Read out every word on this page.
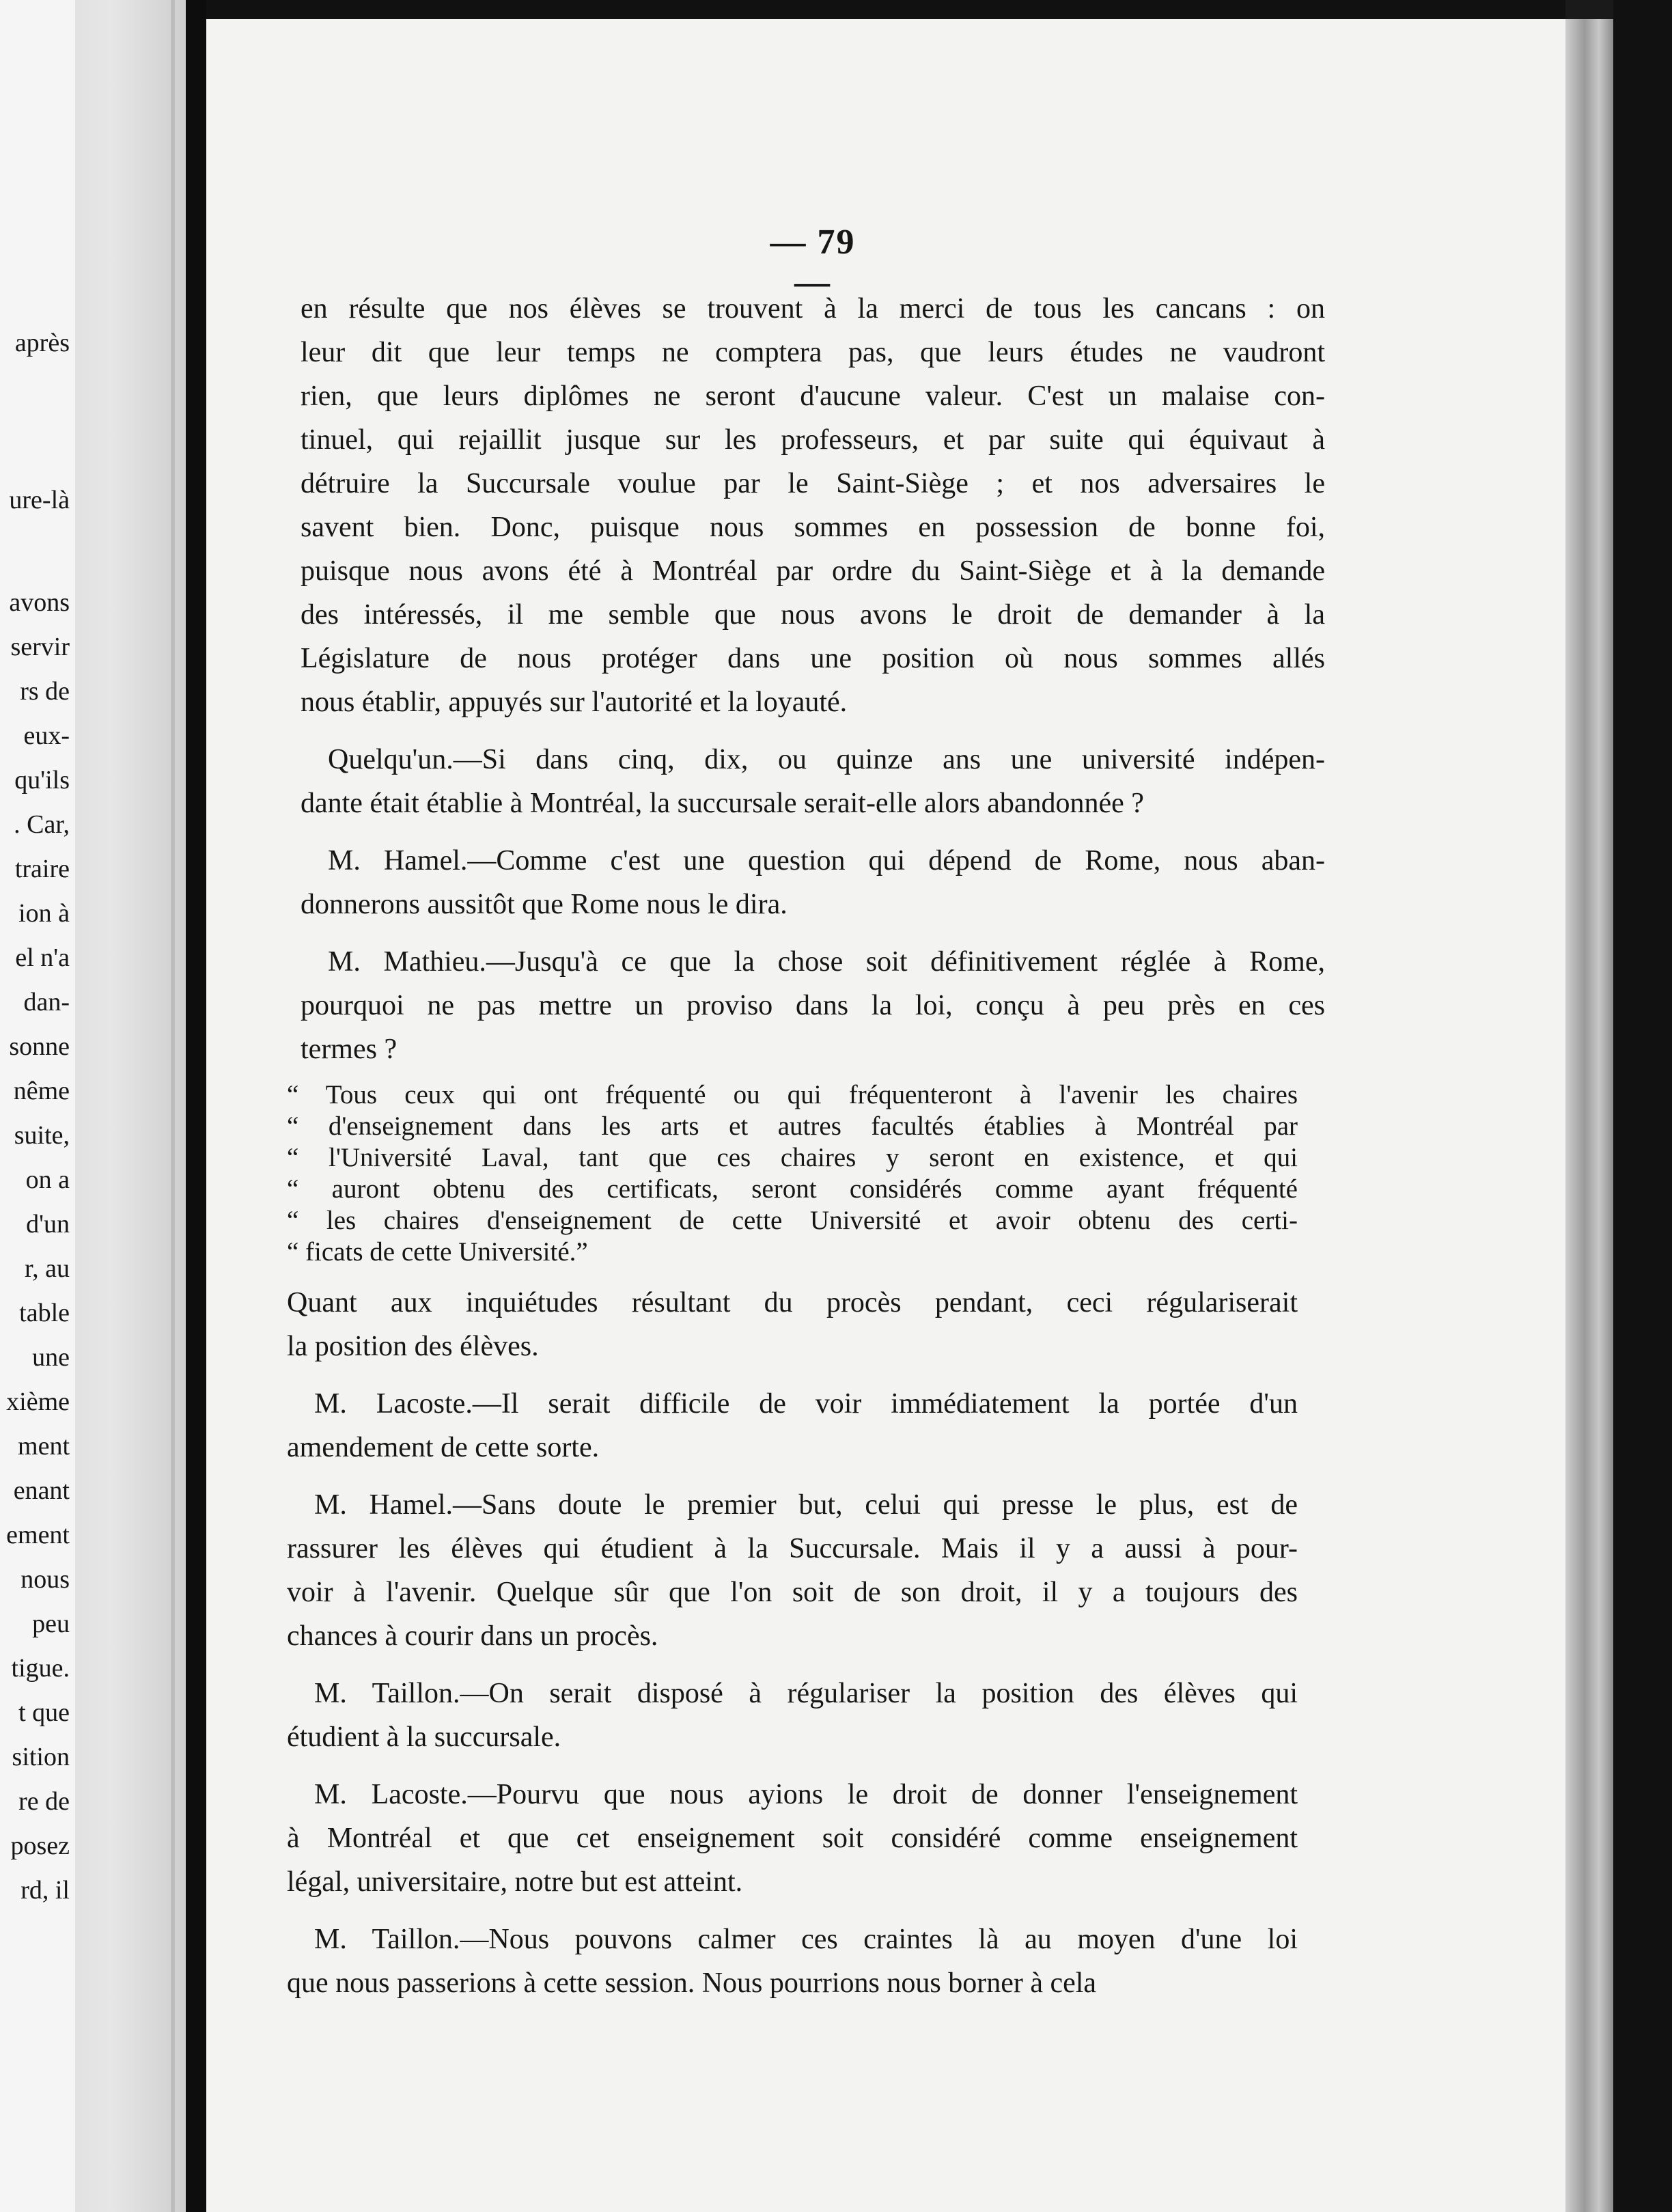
après
ure-là
avons
servir
rs de
eux-
qu'ils
. Car,
traire
ion à
el n'a
dan-
sonne
nême
suite,
on a
d'un
r, au
table
une
xième
ment
enant
ement
nous
peu
tigue.
t que
sition
re de
posez
rd, il
— 79 —
en résulte que nos élèves se trouvent à la merci de tous les cancans : on
leur dit que leur temps ne comptera pas, que leurs études ne vaudront
rien, que leurs diplômes ne seront d'aucune valeur. C'est un malaise con-
tinuel, qui rejaillit jusque sur les professeurs, et par suite qui équivaut à
détruire la Succursale voulue par le Saint-Siège ; et nos adversaires le
savent bien. Donc, puisque nous sommes en possession de bonne foi,
puisque nous avons été à Montréal par ordre du Saint-Siège et à la demande
des intéressés, il me semble que nous avons le droit de demander à la
Législature de nous protéger dans une position où nous sommes allés
nous établir, appuyés sur l'autorité et la loyauté.
Quelqu'un.—Si dans cinq, dix, ou quinze ans une université indépen-
dante était établie à Montréal, la succursale serait-elle alors abandonnée ?
M. Hamel.—Comme c'est une question qui dépend de Rome, nous aban-
donnerons aussitôt que Rome nous le dira.
M. Mathieu.—Jusqu'à ce que la chose soit définitivement réglée à Rome,
pourquoi ne pas mettre un proviso dans la loi, conçu à peu près en ces
termes ?
“ Tous ceux qui ont fréquenté ou qui fréquenteront à l'avenir les chaires
“ d'enseignement dans les arts et autres facultés établies à Montréal par
“ l'Université Laval, tant que ces chaires y seront en existence, et qui
“ auront obtenu des certificats, seront considérés comme ayant fréquenté
“ les chaires d'enseignement de cette Université et avoir obtenu des certi-
“ ficats de cette Université.”
Quant aux inquiétudes résultant du procès pendant, ceci régulariserait
la position des élèves.
M. Lacoste.—Il serait difficile de voir immédiatement la portée d'un
amendement de cette sorte.
M. Hamel.—Sans doute le premier but, celui qui presse le plus, est de
rassurer les élèves qui étudient à la Succursale. Mais il y a aussi à pour-
voir à l'avenir. Quelque sûr que l'on soit de son droit, il y a toujours des
chances à courir dans un procès.
M. Taillon.—On serait disposé à régulariser la position des élèves qui
étudient à la succursale.
M. Lacoste.—Pourvu que nous ayions le droit de donner l'enseignement
à Montréal et que cet enseignement soit considéré comme enseignement
légal, universitaire, notre but est atteint.
M. Taillon.—Nous pouvons calmer ces craintes là au moyen d'une loi
que nous passerions à cette session. Nous pourrions nous borner à cela
